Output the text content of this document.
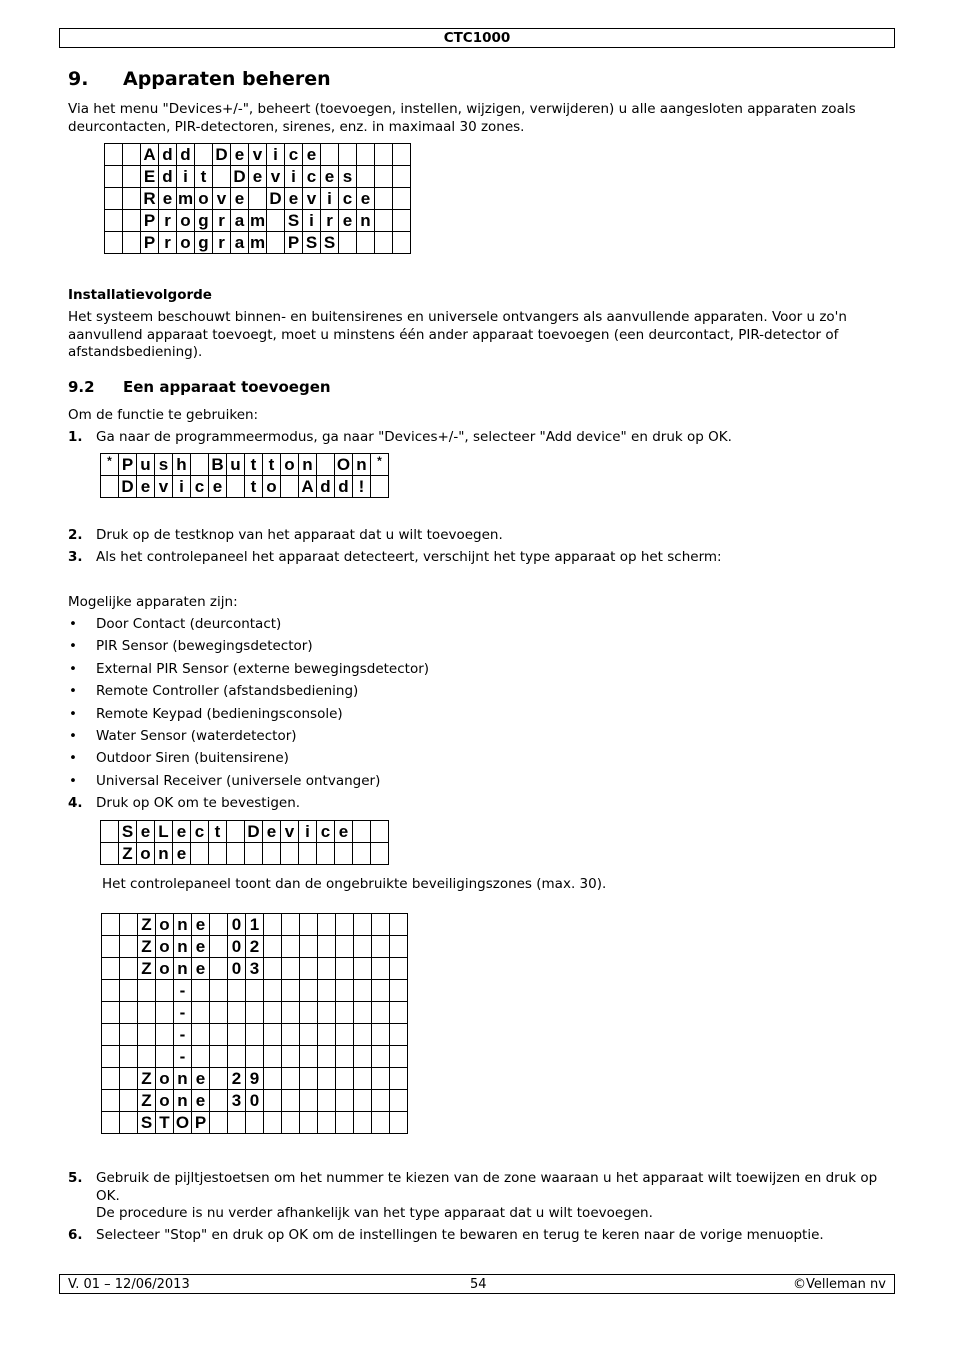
CTC1000
9. Apparaten beheren
Via het menu "Devices+/-", beheert (toevoegen, instellen, wijzigen, verwijderen) u alle aangesloten apparaten zoals deurcontacten, PIR-detectoren, sirenes, enz. in maximaal 30 zones.
		A	d	d		D	e	v	i	c	e					
		E	d	i	t		D	e	v	i	c	e	s			
		R	e	m	o	v	e		D	e	v	i	c	e		
		P	r	o	g	r	a	m		S	i	r	e	n		
		P	r	o	g	r	a	m		P	S	S				
Installatievolgorde
Het systeem beschouwt binnen- en buitensirenes en universele ontvangers als aanvullende apparaten. Voor u zo'n aanvullend apparaat toevoegt, moet u minstens één ander apparaat toevoegen (een deurcontact, PIR-detector of afstandsbediening).
9.2 Een apparaat toevoegen
Om de functie te gebruiken:
1. Ga naar de programmeermodus, ga naar "Devices+/-", selecteer "Add device" en druk op OK.
*	P	u	s	h		B	u	t	t	o	n		O	n	*
	D	e	v	i	c	e		t	o		A	d	d	!	
2. Druk op de testknop van het apparaat dat u wilt toevoegen.
3. Als het controlepaneel het apparaat detecteert, verschijnt het type apparaat op het scherm:
Mogelijke apparaten zijn:
• Door Contact (deurcontact)
• PIR Sensor (bewegingsdetector)
• External PIR Sensor (externe bewegingsdetector)
• Remote Controller (afstandsbediening)
• Remote Keypad (bedieningsconsole)
• Water Sensor (waterdetector)
• Outdoor Siren (buitensirene)
• Universal Receiver (universele ontvanger)
4. Druk op OK om te bevestigen.
	S	e	L	e	c	t		D	e	v	i	c	e		
	Z	o	n	e											
Het controlepaneel toont dan de ongebruikte beveiligingszones (max. 30).
		Z	o	n	e		0	1								
		Z	o	n	e		0	2								
		Z	o	n	e		0	3								
				-												
				-												
				-												
				-												
		Z	o	n	e		2	9								
		Z	o	n	e		3	0								
		S	T	O	P											
5. Gebruik de pijltjestoetsen om het nummer te kiezen van de zone waaraan u het apparaat wilt toewijzen en druk op OK.
De procedure is nu verder afhankelijk van het type apparaat dat u wilt toevoegen.
6. Selecteer "Stop" en druk op OK om de instellingen te bewaren en terug te keren naar de vorige menuoptie.
V. 01 – 12/06/2013	54	©Velleman nv
